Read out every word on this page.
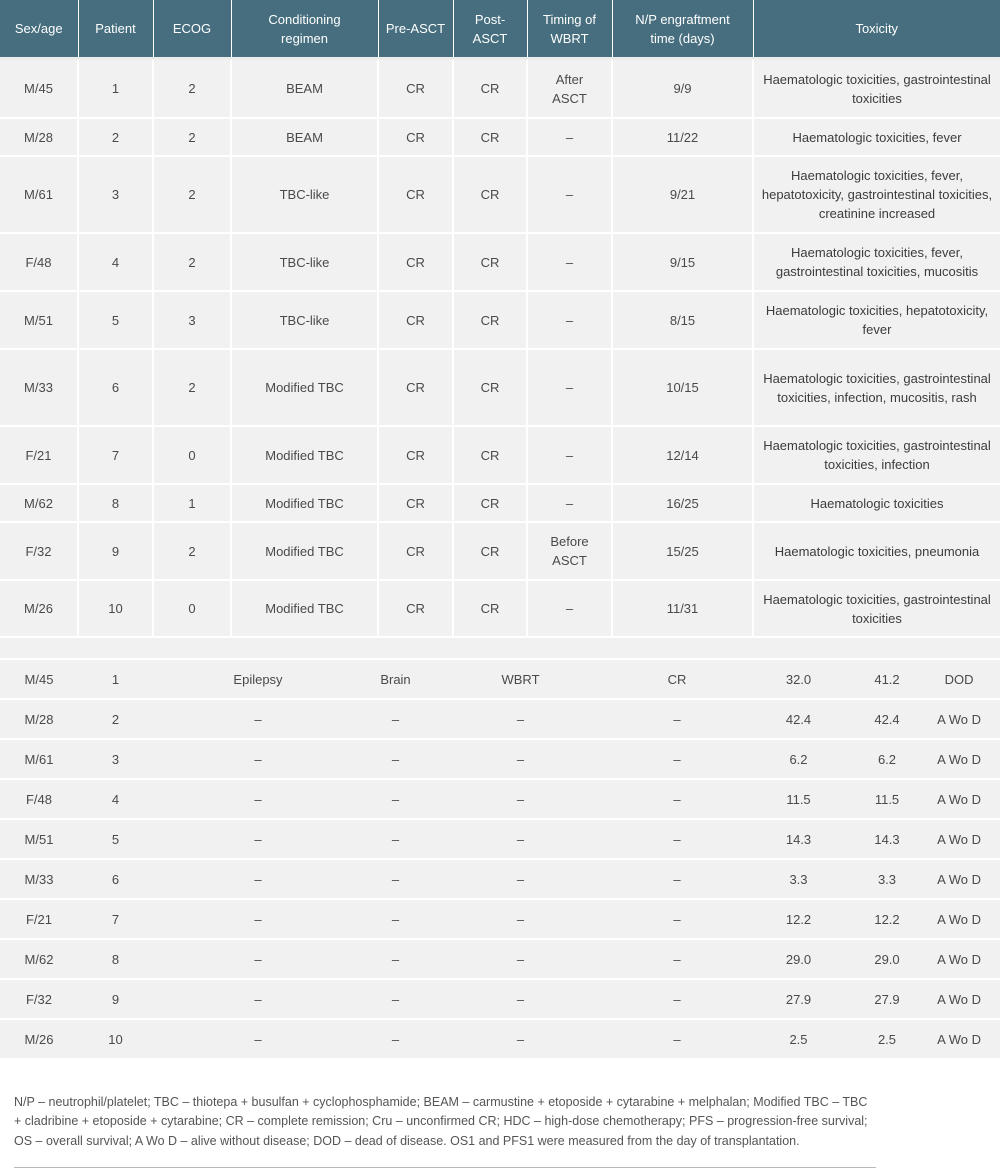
Sex/age	Patient	ECOG	Conditioning regimen	Pre-ASCT	Post-ASCT	Timing of WBRT	N/P engraftment time (days)	Toxicity

M/45	1	2	BEAM	CR	CR	After ASCT	9/9	Haematologic toxicities, gastrointestinal toxicities
M/28	2	2	BEAM	CR	CR	–	11/22	Haematologic toxicities, fever
M/61	3	2	TBC-like	CR	CR	–	9/21	Haematologic toxicities, fever, hepatotoxicity, gastrointestinal toxicities, creatinine increased
F/48	4	2	TBC-like	CR	CR	–	9/15	Haematologic toxicities, fever, gastrointestinal toxicities, mucositis
M/51	5	3	TBC-like	CR	CR	–	8/15	Haematologic toxicities, hepatotoxicity, fever
M/33	6	2	Modified TBC	CR	CR	–	10/15	Haematologic toxicities, gastrointestinal toxicities, infection, mucositis, rash
F/21	7	0	Modified TBC	CR	CR	–	12/14	Haematologic toxicities, gastrointestinal toxicities, infection
M/62	8	1	Modified TBC	CR	CR	–	16/25	Haematologic toxicities
F/32	9	2	Modified TBC	CR	CR	Before ASCT	15/25	Haematologic toxicities, pneumonia
M/26	10	0	Modified TBC	CR	CR	–	11/31	Haematologic toxicities, gastrointestinal toxicities

M/45	1	Epilepsy	Brain	WBRT	CR	32.0	41.2	DOD
M/28	2	–	–	–	–	42.4	42.4	A Wo D
M/61	3	–	–	–	–	6.2	6.2	A Wo D
F/48	4	–	–	–	–	11.5	11.5	A Wo D
M/51	5	–	–	–	–	14.3	14.3	A Wo D
M/33	6	–	–	–	–	3.3	3.3	A Wo D
F/21	7	–	–	–	–	12.2	12.2	A Wo D
M/62	8	–	–	–	–	29.0	29.0	A Wo D
F/32	9	–	–	–	–	27.9	27.9	A Wo D
M/26	10	–	–	–	–	2.5	2.5	A Wo D

N/P – neutrophil/platelet; TBC – thiotepa + busulfan + cyclophosphamide; BEAM – carmustine + etoposide + cytarabine + melphalan; Modified TBC – TBC + cladribine + etoposide + cytarabine; CR – complete remission; Cru – unconfirmed CR; HDC – high-dose chemotherapy; PFS – progression-free survival; OS – overall survival; A Wo D – alive without disease; DOD – dead of disease. OS1 and PFS1 were measured from the day of transplantation.
